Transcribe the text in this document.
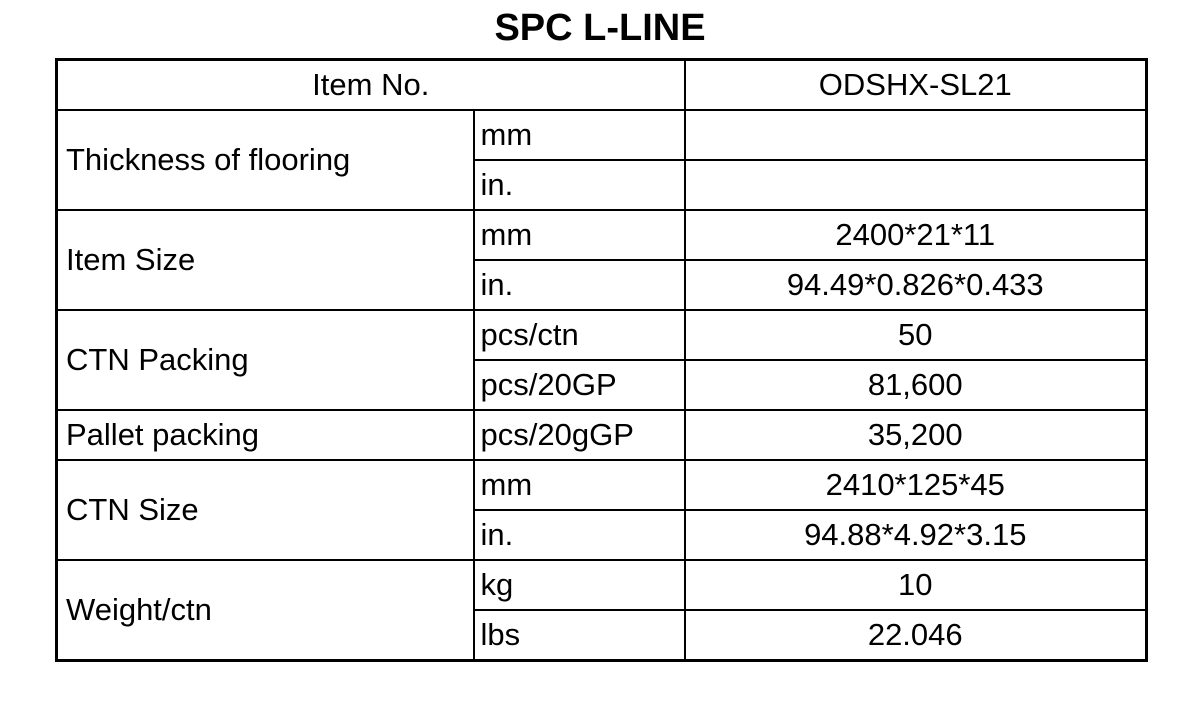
SPC L-LINE
Item No.		ODSHX-SL21
Thickness of flooring	mm	
	in.	
Item Size	mm	2400*21*11
	in.	94.49*0.826*0.433
CTN Packing	pcs/ctn	50
	pcs/20GP	81,600
Pallet packing	pcs/20gGP	35,200
CTN Size	mm	2410*125*45
	in.	94.88*4.92*3.15
Weight/ctn	kg	10
	lbs	22.046
